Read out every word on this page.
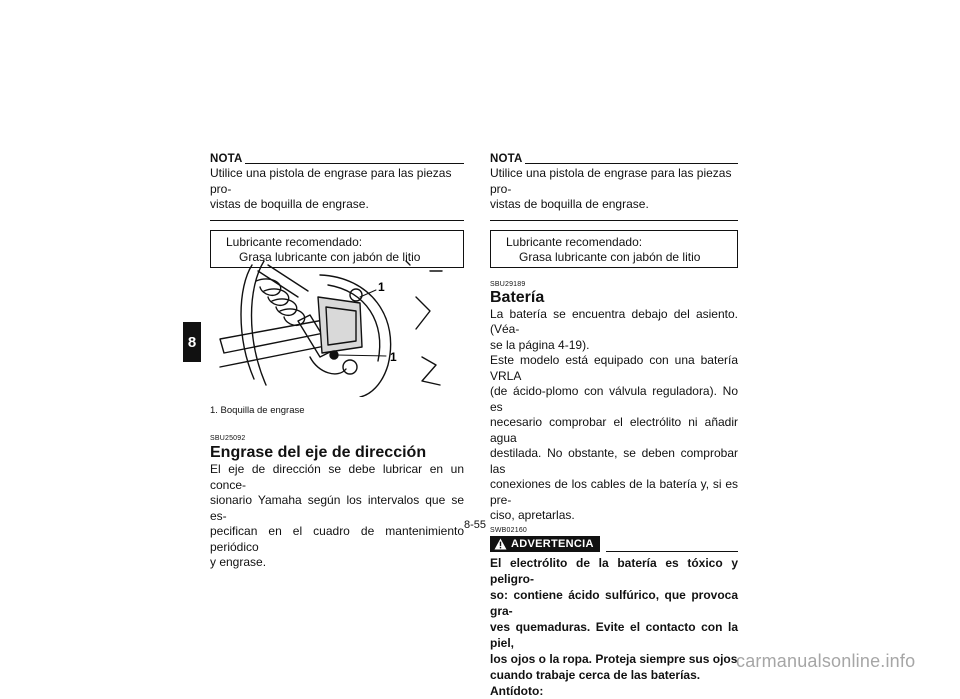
8
NOTA
Utilice una pistola de engrase para las piezas pro-
vistas de boquilla de engrase.
Lubricante recomendado:
Grasa lubricante con jabón de litio
1
1
1. Boquilla de engrase
SBU25092
Engrase del eje de dirección
El eje de dirección se debe lubricar en un conce-
sionario Yamaha según los intervalos que se es-
pecifican en el cuadro de mantenimiento periódico
y engrase.
NOTA
Utilice una pistola de engrase para las piezas pro-
vistas de boquilla de engrase.
Lubricante recomendado:
Grasa lubricante con jabón de litio
SBU29189
Batería
La batería se encuentra debajo del asiento. (Véa-
se la página 4-19).
Este modelo está equipado con una batería VRLA
(de ácido-plomo con válvula reguladora). No es
necesario comprobar el electrólito ni añadir agua
destilada. No obstante, se deben comprobar las
conexiones de los cables de la batería y, si es pre-
ciso, apretarlas.
SWB02160
ADVERTENCIA
El electrólito de la batería es tóxico y peligro-
so: contiene ácido sulfúrico, que provoca gra-
ves quemaduras. Evite el contacto con la piel,
los ojos o la ropa. Proteja siempre sus ojos
cuando trabaje cerca de las baterías.
Antídoto:
8-55
carmanualsonline.info
